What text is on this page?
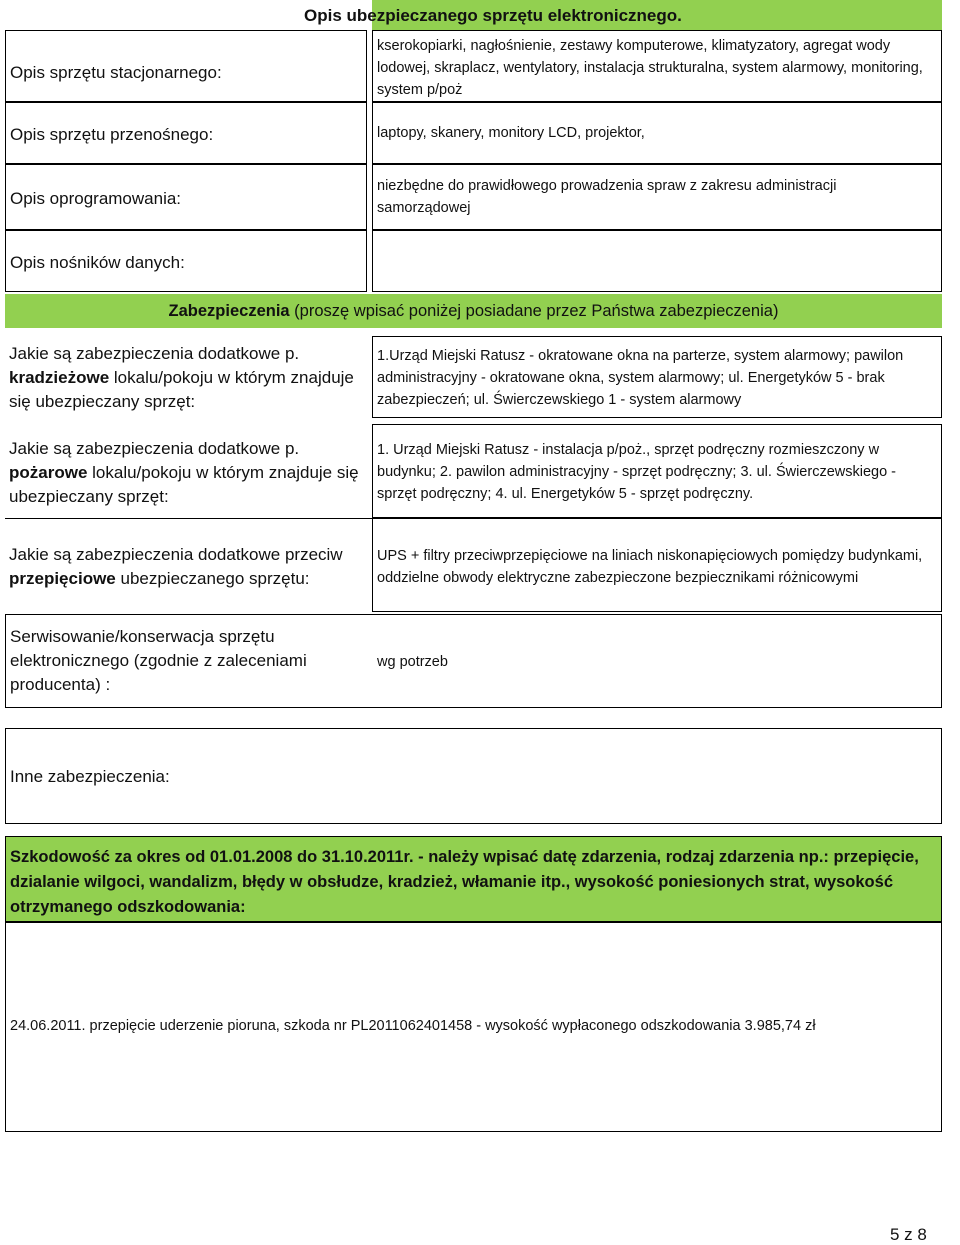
Opis ubezpieczanego sprzętu elektronicznego.
Opis sprzętu stacjonarnego:
kserokopiarki, nagłośnienie, zestawy komputerowe, klimatyzatory, agregat wody lodowej, skraplacz, wentylatory, instalacja strukturalna, system alarmowy, monitoring, system p/poż
Opis sprzętu przenośnego:	laptopy, skanery, monitory LCD, projektor,
Opis oprogramowania:
niezbędne do prawidłowego prowadzenia spraw z zakresu administracji samorządowej
Opis nośników danych:
Zabezpieczenia (proszę wpisać poniżej posiadane przez Państwa zabezpieczenia)
Jakie są zabezpieczenia dodatkowe p. kradzieżowe lokalu/pokoju w którym znajduje się ubezpieczany sprzęt:
1.Urząd Miejski Ratusz - okratowane okna na parterze, system alarmowy; pawilon administracyjny - okratowane okna, system alarmowy; ul. Energetyków 5 - brak zabezpieczeń; ul. Świerczewskiego 1 - system alarmowy
Jakie są zabezpieczenia dodatkowe p. pożarowe lokalu/pokoju w którym znajduje się ubezpieczany sprzęt:
1. Urząd Miejski Ratusz - instalacja p/poż., sprzęt podręczny rozmieszczony w budynku; 2. pawilon administracyjny - sprzęt podręczny; 3. ul. Świerczewskiego - sprzęt podręczny; 4. ul. Energetyków 5 - sprzęt podręczny.
Jakie są zabezpieczenia dodatkowe przeciw przepięciowe ubezpieczanego sprzętu:
UPS + filtry przeciwprzepięciowe na liniach niskonapięciowych pomiędzy budynkami, oddzielne obwody elektryczne zabezpieczone bezpiecznikami różnicowymi
Serwisowanie/konserwacja sprzętu elektronicznego (zgodnie z zaleceniami producenta) :
wg potrzeb
Inne zabezpieczenia:
Szkodowość za okres od 01.01.2008 do 31.10.2011r. - należy wpisać datę zdarzenia, rodzaj zdarzenia np.: przepięcie, dzialanie wilgoci, wandalizm, błędy w obsłudze, kradzież, włamanie itp., wysokość poniesionych strat, wysokość otrzymanego odszkodowania:
24.06.2011. przepięcie uderzenie pioruna, szkoda nr PL2011062401458 - wysokość wypłaconego odszkodowania 3.985,74 zł
5 z 8
